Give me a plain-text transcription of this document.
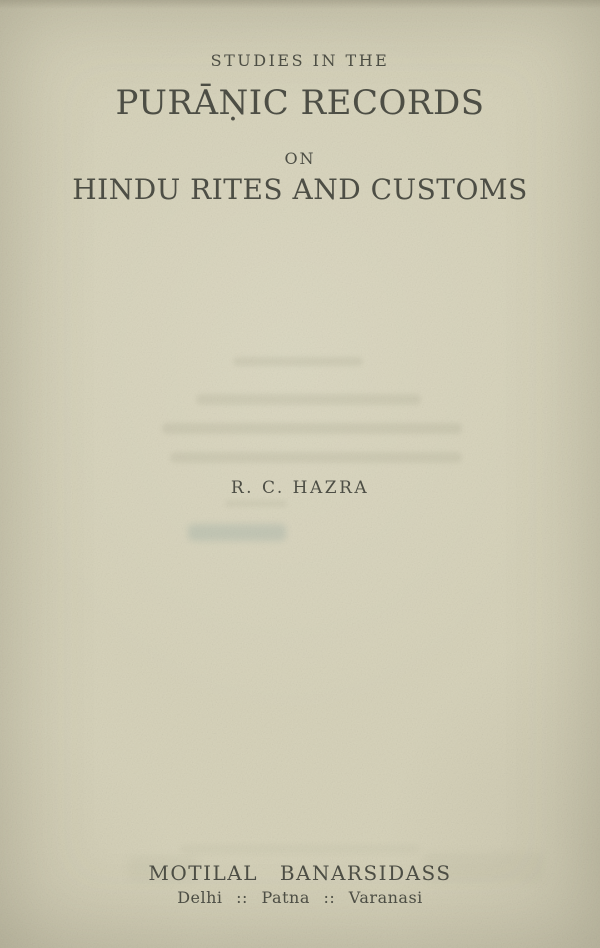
STUDIES IN THE
PURĀṆIC RECORDS
ON
HINDU RITES AND CUSTOMS
R. C. HAZRA
MOTILAL BANARSIDASS
Delhi :: Patna :: Varanasi
